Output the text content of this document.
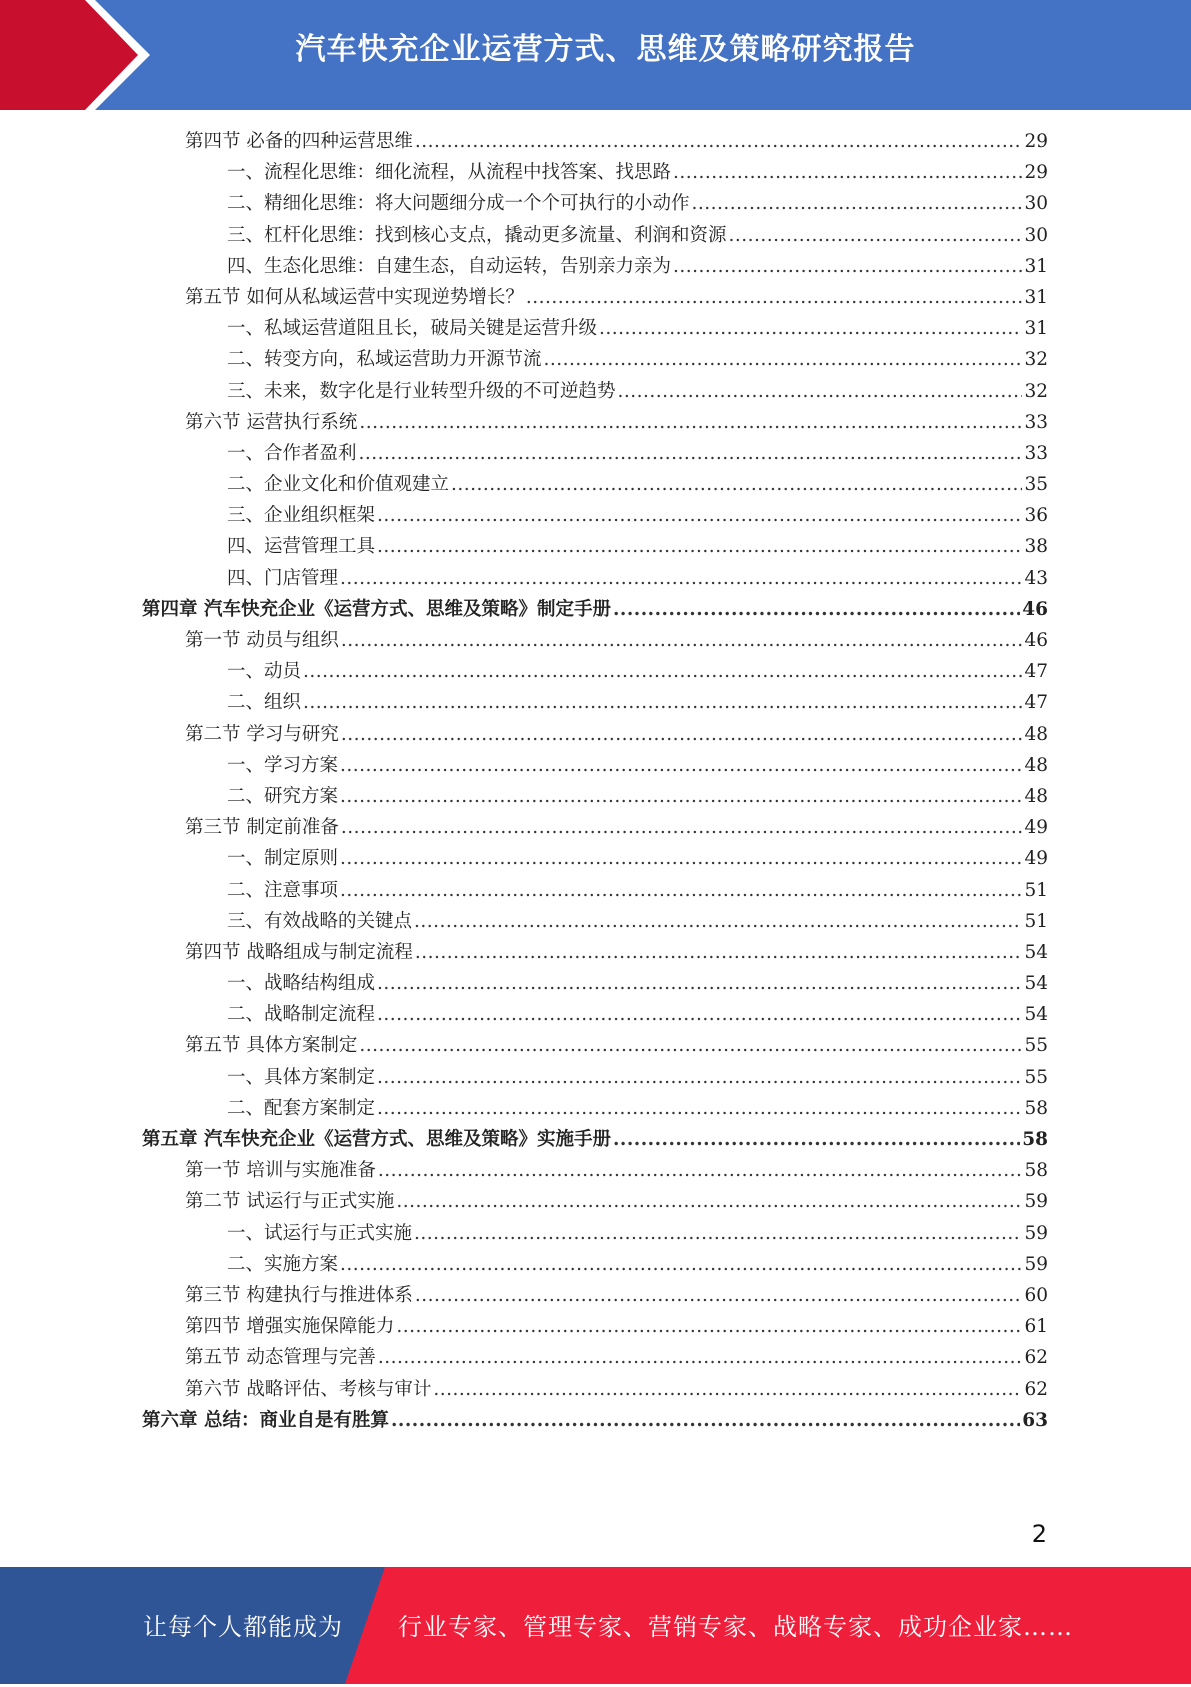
汽车快充企业运营方式、思维及策略研究报告
第四节 必备的四种运营思维 .....	29
一、流程化思维：细化流程，从流程中找答案、找思路 .....	29
二、精细化思维：将大问题细分成一个个可执行的小动作 .....	30
三、杠杆化思维：找到核心支点，撬动更多流量、利润和资源 .....	30
四、生态化思维：自建生态，自动运转，告别亲力亲为 .....	31
第五节 如何从私域运营中实现逆势增长？ .....	31
一、私域运营道阻且长，破局关键是运营升级 .....	31
二、转变方向，私域运营助力开源节流 .....	32
三、未来，数字化是行业转型升级的不可逆趋势 .....	32
第六节 运营执行系统 .....	33
一、合作者盈利 .....	33
二、企业文化和价值观建立 .....	35
三、企业组织框架 .....	36
四、运营管理工具 .....	38
四、门店管理 .....	43
第四章 汽车快充企业《运营方式、思维及策略》制定手册 .....	46
第一节 动员与组织 .....	46
一、动员 .....	47
二、组织 .....	47
第二节 学习与研究 .....	48
一、学习方案 .....	48
二、研究方案 .....	48
第三节 制定前准备 .....	49
一、制定原则 .....	49
二、注意事项 .....	51
三、有效战略的关键点 .....	51
第四节 战略组成与制定流程 .....	54
一、战略结构组成 .....	54
二、战略制定流程 .....	54
第五节 具体方案制定 .....	55
一、具体方案制定 .....	55
二、配套方案制定 .....	58
第五章 汽车快充企业《运营方式、思维及策略》实施手册 .....	58
第一节 培训与实施准备 .....	58
第二节 试运行与正式实施 .....	59
一、试运行与正式实施 .....	59
二、实施方案 .....	59
第三节 构建执行与推进体系 .....	60
第四节 增强实施保障能力 .....	61
第五节 动态管理与完善 .....	62
第六节 战略评估、考核与审计 .....	62
第六章 总结：商业自是有胜算 .....	63
2
让每个人都能成为 行业专家、管理专家、营销专家、战略专家、成功企业家……
